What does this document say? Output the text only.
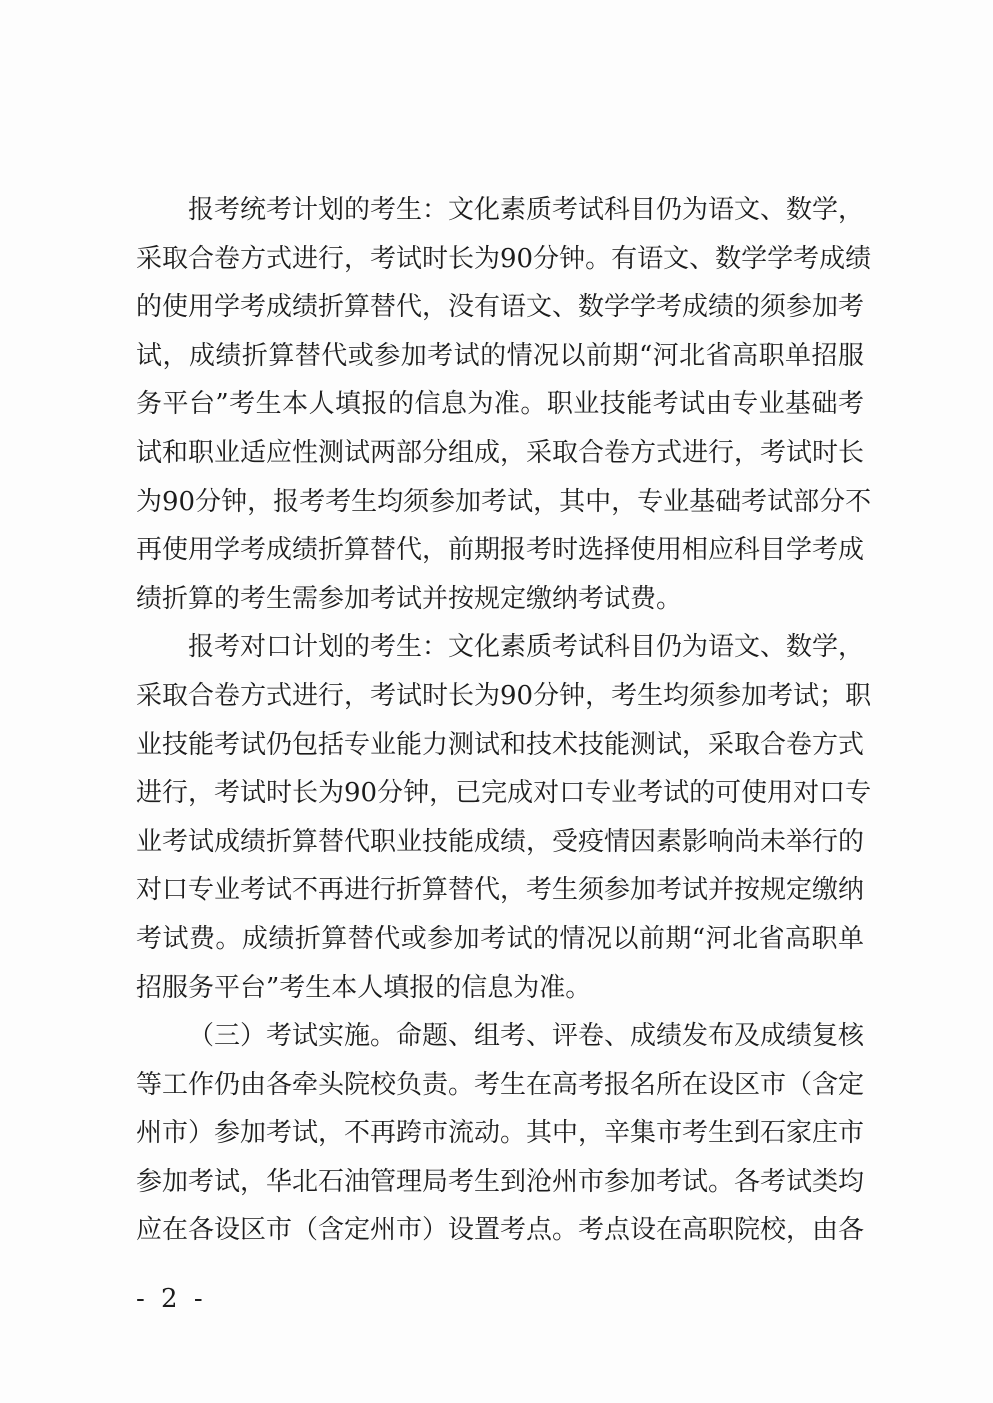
报考统考计划的考生：文化素质考试科目仍为语文、数学，
采取合卷方式进行，考试时长为90分钟。有语文、数学学考成绩
的使用学考成绩折算替代，没有语文、数学学考成绩的须参加考
试，成绩折算替代或参加考试的情况以前期“河北省高职单招服
务平台”考生本人填报的信息为准。职业技能考试由专业基础考
试和职业适应性测试两部分组成，采取合卷方式进行，考试时长
为90分钟，报考考生均须参加考试，其中，专业基础考试部分不
再使用学考成绩折算替代，前期报考时选择使用相应科目学考成
绩折算的考生需参加考试并按规定缴纳考试费。
报考对口计划的考生：文化素质考试科目仍为语文、数学，
采取合卷方式进行，考试时长为90分钟，考生均须参加考试；职
业技能考试仍包括专业能力测试和技术技能测试，采取合卷方式
进行，考试时长为90分钟，已完成对口专业考试的可使用对口专
业考试成绩折算替代职业技能成绩，受疫情因素影响尚未举行的
对口专业考试不再进行折算替代，考生须参加考试并按规定缴纳
考试费。成绩折算替代或参加考试的情况以前期“河北省高职单
招服务平台”考生本人填报的信息为准。
（三）考试实施。命题、组考、评卷、成绩发布及成绩复核
等工作仍由各牵头院校负责。考生在高考报名所在设区市（含定
州市）参加考试，不再跨市流动。其中，辛集市考生到石家庄市
参加考试，华北石油管理局考生到沧州市参加考试。各考试类均
应在各设区市（含定州市）设置考点。考点设在高职院校，由各
- 2 -
